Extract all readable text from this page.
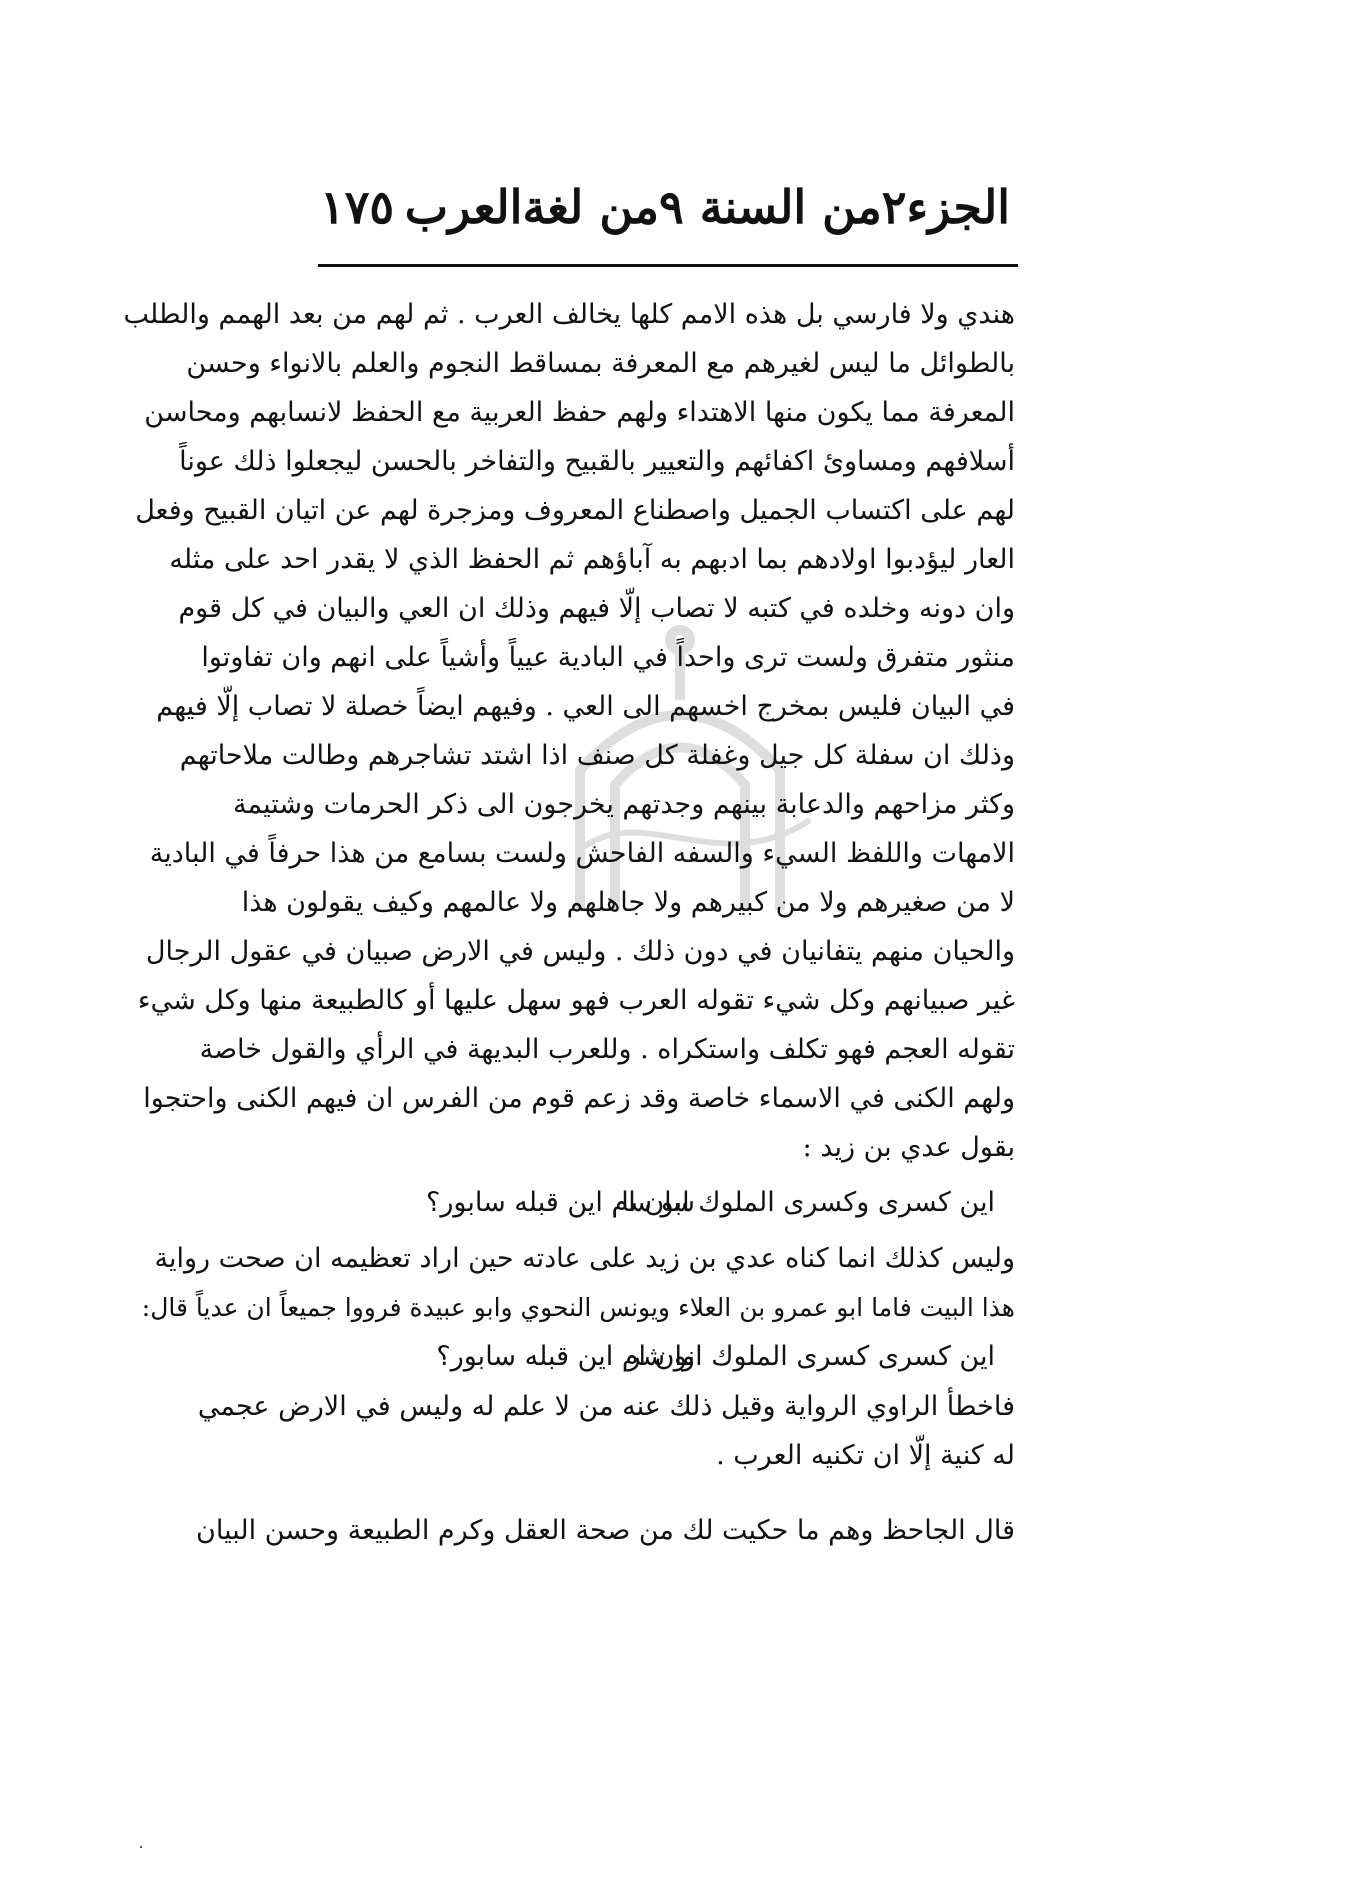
الجزء٢من السنة ٩من لغةالعرب
١٧٥
هندي ولا فارسي بل هذه الامم كلها يخالف العرب . ثم لهم من بعد الهمم والطلب
بالطوائل ما ليس لغيرهم مع المعرفة بمساقط النجوم والعلم بالانواء وحسن
المعرفة مما يكون منها الاهتداء ولهم حفظ العربية مع الحفظ لانسابهم ومحاسن
أسلافهم ومساوئ اكفائهم والتعيير بالقبيح والتفاخر بالحسن ليجعلوا ذلك عوناً
لهم على اكتساب الجميل واصطناع المعروف ومزجرة لهم عن اتيان القبيح وفعل
العار ليؤدبوا اولادهم بما ادبهم به آباؤهم ثم الحفظ الذي لا يقدر احد على مثله
وان دونه وخلده في كتبه لا تصاب إلّا فيهم وذلك ان العي والبيان في كل قوم
منثور متفرق ولست ترى واحداً في البادية عيياً وأشياً على انهم وان تفاوتوا
في البيان فليس بمخرج اخسهم الى العي . وفيهم ايضاً خصلة لا تصاب إلّا فيهم
وذلك ان سفلة كل جيل وغفلة كل صنف اذا اشتد تشاجرهم وطالت ملاحاتهم
وكثر مزاحهم والدعابة بينهم وجدتهم يخرجون الى ذكر الحرمات وشتيمة
الامهات واللفظ السيء والسفه الفاحش ولست بسامع من هذا حرفاً في البادية
لا من صغيرهم ولا من كبيرهم ولا جاهلهم ولا عالمهم وكيف يقولون هذا
والحيان منهم يتفانيان في دون ذلك . وليس في الارض صبيان في عقول الرجال
غير صبيانهم وكل شيء تقوله العرب فهو سهل عليها أو كالطبيعة منها وكل شيء
تقوله العجم فهو تكلف واستكراه . وللعرب البديهة في الرأي والقول خاصة
ولهم الكنى في الاسماء خاصة وقد زعم قوم من الفرس ان فيهم الكنى واحتجوا
بقول عدي بن زيد :
اين كسرى وكسرى الملوك ابو سا
سان ام اين قبله سابور؟
وليس كذلك انما كناه عدي بن زيد على عادته حين اراد تعظيمه ان صحت رواية
هذا البيت فاما ابو عمرو بن العلاء ويونس النحوي وابو عبيدة فرووا جميعاً ان عدياً قال:
اين كسرى كسرى الملوك انو شر
وان ام اين قبله سابور؟
فاخطأ الراوي الرواية وقيل ذلك عنه من لا علم له وليس في الارض عجمي
له كنية إلّا ان تكنيه العرب .
قال الجاحظ وهم ما حكيت لك من صحة العقل وكرم الطبيعة وحسن البيان
